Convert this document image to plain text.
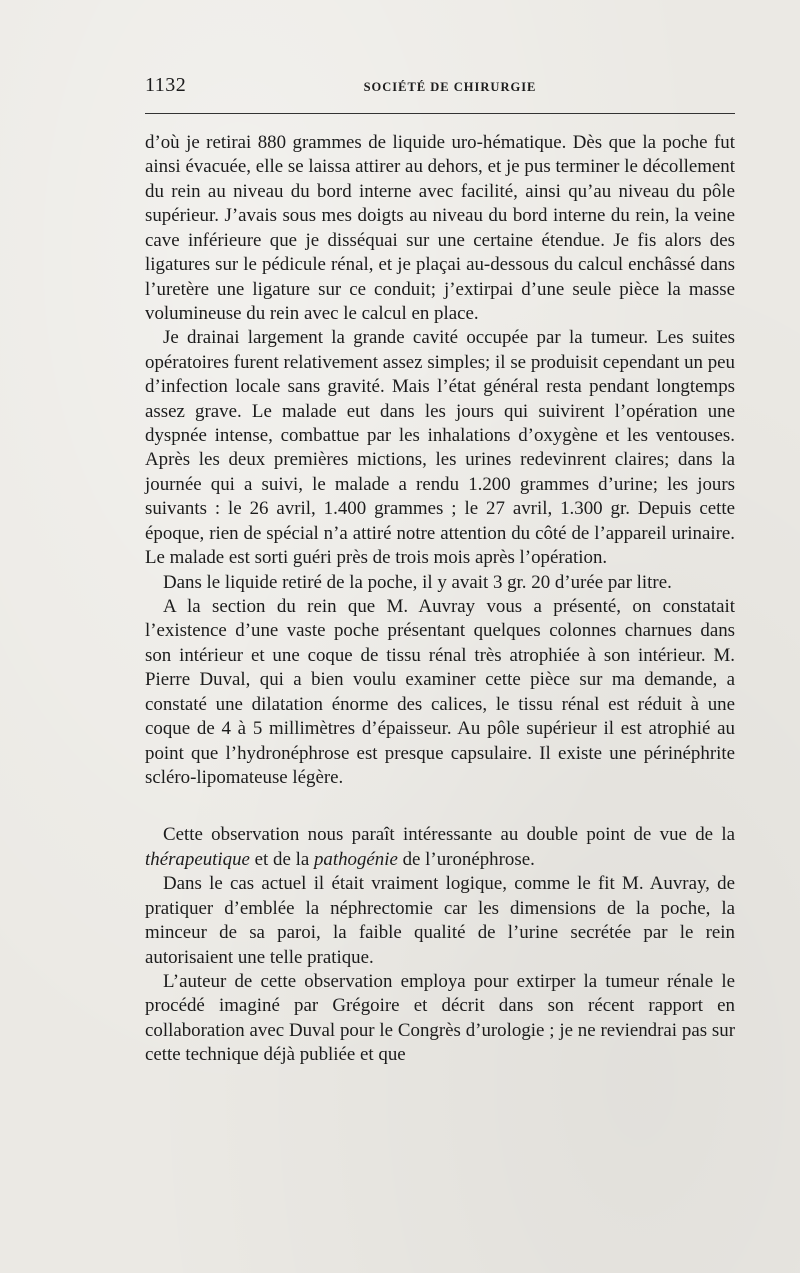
1132	SOCIÉTÉ DE CHIRURGIE

d’où je retirai 880 grammes de liquide uro-hématique. Dès que la poche fut ainsi évacuée, elle se laissa attirer au dehors, et je pus terminer le décollement du rein au niveau du bord interne avec facilité, ainsi qu’au niveau du pôle supérieur. J’avais sous mes doigts au niveau du bord interne du rein, la veine cave inférieure que je disséquai sur une certaine étendue. Je fis alors des ligatures sur le pédicule rénal, et je plaçai au-dessous du calcul enchâssé dans l’uretère une ligature sur ce conduit; j’extirpai d’une seule pièce la masse volumineuse du rein avec le calcul en place.

Je drainai largement la grande cavité occupée par la tumeur. Les suites opératoires furent relativement assez simples; il se produisit cependant un peu d’infection locale sans gravité. Mais l’état général resta pendant longtemps assez grave. Le malade eut dans les jours qui suivirent l’opération une dyspnée intense, combattue par les inhalations d’oxygène et les ventouses. Après les deux premières mictions, les urines redevinrent claires; dans la journée qui a suivi, le malade a rendu 1.200 grammes d’urine; les jours suivants : le 26 avril, 1.400 grammes ; le 27 avril, 1.300 gr. Depuis cette époque, rien de spécial n’a attiré notre attention du côté de l’appareil urinaire. Le malade est sorti guéri près de trois mois après l’opération.

Dans le liquide retiré de la poche, il y avait 3 gr. 20 d’urée par litre.

A la section du rein que M. Auvray vous a présenté, on constatait l’existence d’une vaste poche présentant quelques colonnes charnues dans son intérieur et une coque de tissu rénal très atrophiée à son intérieur. M. Pierre Duval, qui a bien voulu examiner cette pièce sur ma demande, a constaté une dilatation énorme des calices, le tissu rénal est réduit à une coque de 4 à 5 millimètres d’épaisseur. Au pôle supérieur il est atrophié au point que l’hydronéphrose est presque capsulaire. Il existe une périnéphrite scléro-lipomateuse légère.

Cette observation nous paraît intéressante au double point de vue de la thérapeutique et de la pathogénie de l’uronéphrose.

Dans le cas actuel il était vraiment logique, comme le fit M. Auvray, de pratiquer d’emblée la néphrectomie car les dimensions de la poche, la minceur de sa paroi, la faible qualité de l’urine secrétée par le rein autorisaient une telle pratique.

L’auteur de cette observation employa pour extirper la tumeur rénale le procédé imaginé par Grégoire et décrit dans son récent rapport en collaboration avec Duval pour le Congrès d’urologie ; je ne reviendrai pas sur cette technique déjà publiée et que
